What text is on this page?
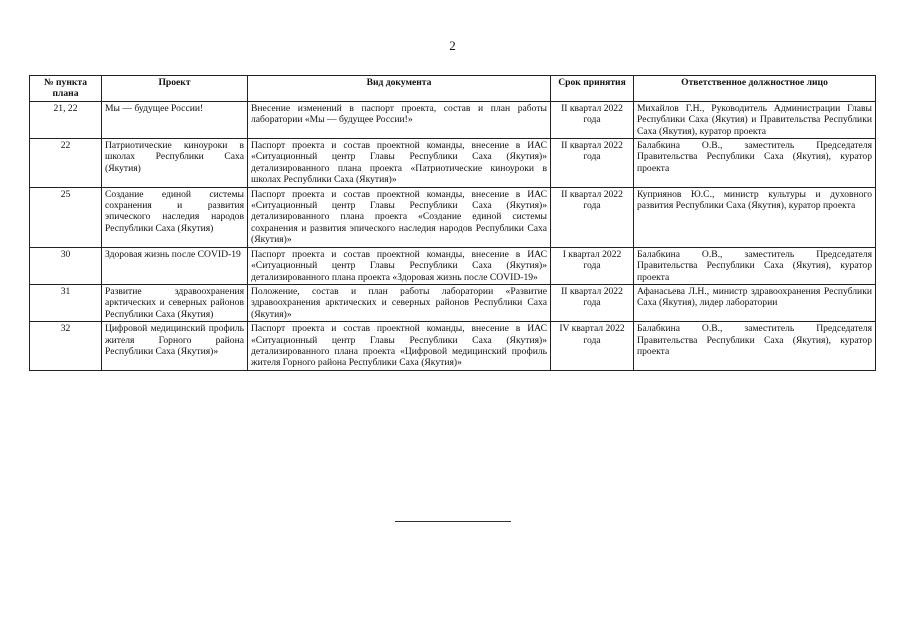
2
№ пункта плана	Проект	Вид документа	Срок принятия	Ответственное должностное лицо
21, 22	Мы — будущее России!	Внесение изменений в паспорт проекта, состав и план работы лаборатории «Мы — будущее России!»	II квартал 2022 года	Михайлов Г.Н., Руководитель Администрации Главы Республики Саха (Якутия) и Правительства Республики Саха (Якутия), куратор проекта
22	Патриотические киноуроки в школах Республики Саха (Якутия)	Паспорт проекта и состав проектной команды, внесение в ИАС «Ситуационный центр Главы Республики Саха (Якутия)» детализированного плана проекта «Патриотические киноуроки в школах Республики Саха (Якутия)»	II квартал 2022 года	Балабкина О.В., заместитель Председателя Правительства Республики Саха (Якутия), куратор проекта
25	Создание единой системы сохранения и развития эпического наследия народов Республики Саха (Якутия)	Паспорт проекта и состав проектной команды, внесение в ИАС «Ситуационный центр Главы Республики Саха (Якутия)» детализированного плана проекта «Создание единой системы сохранения и развития эпического наследия народов Республики Саха (Якутия)»	II квартал 2022 года	Куприянов Ю.С., министр культуры и духовного развития Республики Саха (Якутия), куратор проекта
30	Здоровая жизнь после COVID-19	Паспорт проекта и состав проектной команды, внесение в ИАС «Ситуационный центр Главы Республики Саха (Якутия)» детализированного плана проекта «Здоровая жизнь после COVID-19»	I квартал 2022 года	Балабкина О.В., заместитель Председателя Правительства Республики Саха (Якутия), куратор проекта
31	Развитие здравоохранения арктических и северных районов Республики Саха (Якутия)	Положение, состав и план работы лаборатории «Развитие здравоохранения арктических и северных районов Республики Саха (Якутия)»	II квартал 2022 года	Афанасьева Л.Н., министр здравоохранения Республики Саха (Якутия), лидер лаборатории
32	Цифровой медицинский профиль жителя Горного района Республики Саха (Якутия)»	Паспорт проекта и состав проектной команды, внесение в ИАС «Ситуационный центр Главы Республики Саха (Якутия)» детализированного плана проекта «Цифровой медицинский профиль жителя Горного района Республики Саха (Якутия)»	IV квартал 2022 года	Балабкина О.В., заместитель Председателя Правительства Республики Саха (Якутия), куратор проекта
